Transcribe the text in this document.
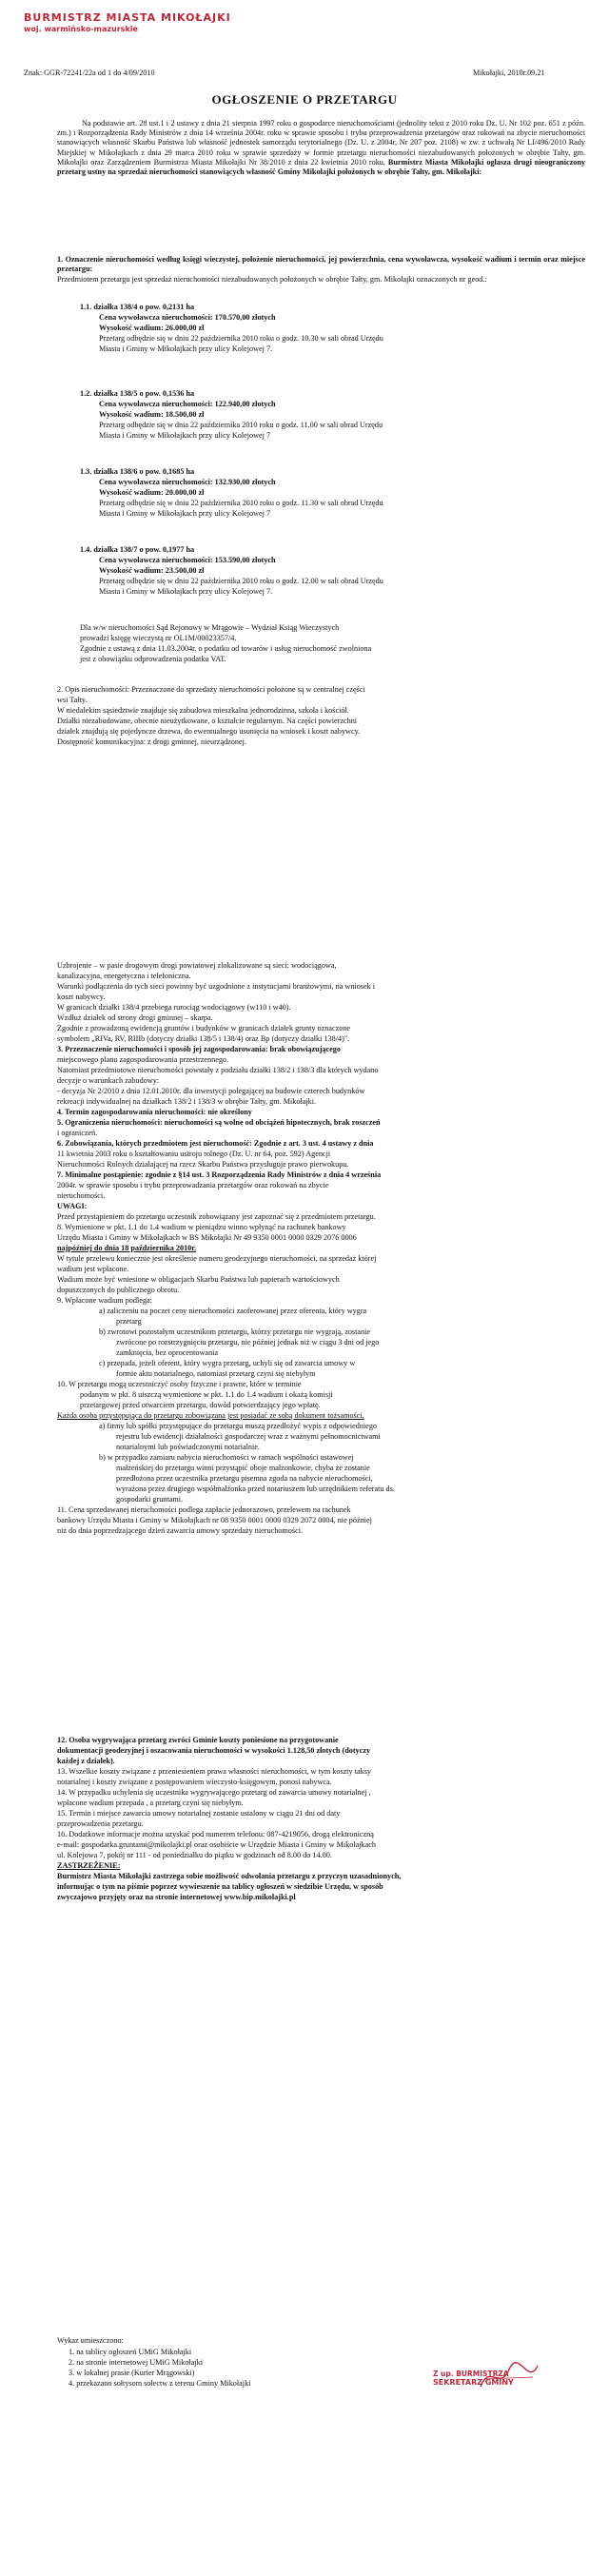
BURMISTRZ MIASTA MIKOŁAJKI
woj. warmińsko-mazurskie
Znak: GGR-72241/22a od 1 do 4/09/2010	Mikołajki, 2010r.09.21
OGŁOSZENIE O PRZETARGU
Na podstawie art. 28 ust.1 i 2 ustawy z dnia 21 sierpnia 1997 roku o gospodarce nieruchomościami (jednolity tekst z 2010 roku Dz. U. Nr 102 poz. 651 z późn. zm.) i Rozporządzenia Rady Ministrów z dnia 14 września 2004r. roku w sprawie sposobu i trybu przeprowadzenia przetargów oraz rokowań na zbycie nieruchomości stanowiących własność Skarbu Państwa lub własność jednostek samorządu terytorialnego (Dz. U. z 2004r, Nr 207 poz. 2108) w zw. z uchwałą Nr LI/496/2010 Rady Miejskiej w Mikołajkach z dnia 29 marca 2010 roku w sprawie sprzedaży w formie przetargu nieruchomości niezabudowanych położonych w obrębie Tałty, gm. Mikołajki oraz Zarządzeniem Burmistrza Miasta Mikołajki Nr 38/2010 z dnia 22 kwietnia 2010 roku, Burmistrz Miasta Mikołajki ogłasza drugi nieograniczony przetarg ustny na sprzedaż nieruchomości stanowiących własność Gminy Mikołajki położonych w obrębie Tałty, gm. Mikołajki:
1. Oznaczenie nieruchomości według księgi wieczystej, położenie nieruchomości, jej powierzchnia, cena wywoławcza, wysokość wadium i termin oraz miejsce przetargu:
Przedmiotem przetargu jest sprzedaż nieruchomości niezabudowanych położonych w obrębie Tałty, gm. Mikołajki oznaczonych nr geod.:
1.1. działka 138/4 o pow. 0,2131 ha
Cena wywoławcza nieruchomości: 170.570,00 złotych
Wysokość wadium: 26.000,00 zł
Przetarg odbędzie się w dniu 22 października 2010 roku o godz. 10.30 w sali obrad Urzędu
Miasta i Gminy w Mikołajkach przy ulicy Kolejowej 7.
1.2. działka 138/5 o pow. 0,1536 ha
Cena wywoławcza nieruchomości: 122.940,00 złotych
Wysokość wadium: 18.500,00 zł
Przetarg odbędzie się w dnia 22 października 2010 roku o godz. 11.00 w sali obrad Urzędu
Miasta i Gminy w Mikołajkach przy ulicy Kolejowej 7
1.3. działka 138/6 o pow. 0,1685 ha
Cena wywoławcza nieruchomości: 132.930,00 złotych
Wysokość wadium: 20.000,00 zł
Przetarg odbędzie się w dniu 22 października 2010 roku o godz. 11.30 w sali obrad Urzędu
Miasta i Gminy w Mikołajkach przy ulicy Kolejowej 7
1.4. działka 138/7 o pow. 0,1977 ha
Cena wywoławcza nieruchomości: 153.590,00 złotych
Wysokość wadium: 23.500,00 zł
Przetarg odbędzie się w dniu 22 października 2010 roku o godz. 12.00 w sali obrad Urzędu
Miasta i Gminy w Mikołajkach przy ulicy Kolejowej 7.
Dla w/w nieruchomości Sąd Rejonowy w Mrągowie – Wydział Ksiąg Wieczystych
prowadzi księgę wieczystą nr OL1M/00023357/4.
Zgodnie z ustawą z dnia 11.03.2004r. o podatku od towarów i usług nieruchomość zwolniona
jest z obowiązku odprowadzenia podatku VAT.
2. Opis nieruchomości: Przeznaczone do sprzedaży nieruchomości położone są w centralnej części
wsi Tałty.
W niedalekim sąsiedztwie znajduje się zabudowa mieszkalna jednorodzinna, szkoła i kościół.
Działki niezabudowane, obecnie nieużytkowane, o kształcie regularnym. Na części powierzchni
działek znajdują się pojedyncze drzewa, do ewentualnego usunięcia na wniosek i koszt nabywcy.
Dostępność komunikacyjna: z drogi gminnej, nieurządzonej.
Uzbrojenie – w pasie drogowym drogi powiatowej zlokalizowane są sieci: wodociągowa,
kanalizacyjna, energetyczna i telefoniczna.
Warunki podłączenia do tych sieci powinny być uzgodnione z instytucjami branżowymi, na wniosek i
koszt nabywcy.
W granicach działki 138/4 przebiega rurociąg wodociągowy (w110 i w40).
Wzdłuż działek od strony drogi gminnej – skarpa.
Zgodnie z prowadzoną ewidencją gruntów i budynków w granicach działek grunty oznaczone
symbolem „RIVa, RV, RIIIb (dotyczy działki 138/5 i 138/4) oraz Bp (dotyczy działki 138/4)".
3. Przeznaczenie nieruchomości i sposób jej zagospodarowania: brak obowiązującego
miejscowego planu zagospodarowania przestrzennego.
Natomiast przedmiotowe nieruchomości powstały z podziału działki 138/2 i 138/3 dla których wydano
decyzje o warunkach zabudowy:
- decyzja Nr 2/2010 z dnia 12.01.2010r. dla inwestycji polegającej na budowie czterech budynków
rekreacji indywidualnej na działkach 138/2 i 138/3 w obrębie Tałty, gm. Mikołajki.
4. Termin zagospodarowania nieruchomości: nie określony
5. Ograniczenia nieruchomości: nieruchomości są wolne od obciążeń hipotecznych, brak roszczeń
i ograniczeń.
6. Zobowiązania, których przedmiotem jest nieruchomość: Zgodnie z art. 3 ust. 4 ustawy z dnia
11 kwietnia 2003 roku o kształtowaniu ustroju rolnego (Dz. U. nr 64, poz. 592) Agencji
Nieruchomości Rolnych działającej na rzecz Skarbu Państwa przysługuje prawo pierwokupu.
7. Minimalne postąpienie: zgodnie z §14 ust. 3 Rozporządzenia Rady Ministrów z dnia 4 września
2004r. w sprawie sposobu i trybu przeprowadzania przetargów oraz rokowań na zbycie
nieruchomości.
UWAGI:
Przed przystąpieniem do przetargu uczestnik zobowiązany jest zapoznać się z przedmiotem przetargu.
8. Wymienione w pkt. 1.1 do 1.4 wadium w pieniądzu winno wpłynąć na rachunek bankowy
Urzędu Miasta i Gminy w Mikołajkach w BS Mikołajki Nr 49 9350 0001 0000 0329 2076 0006
najpóźniej do dnia 18 października 2010r.
W tytule przelewu koniecznie jest określenie numeru geodezyjnego nieruchomości, na sprzedaż której
wadium jest wpłacone.
Wadium może być wniesione w obligacjach Skarbu Państwa lub papierach wartościowych
dopuszczonych do publicznego obrotu.
9. Wpłacone wadium podlega:
a) zaliczeniu na poczet ceny nieruchomości zaoferowanej przez oferenta, który wygra
przetarg
b) zwrotowi pozostałym uczestnikom przetargu, którzy przetargu nie wygrają, zostanie
zwrócone po rozstrzygnięciu przetargu, nie później jednak niż w ciągu 3 dni od jego
zamknięcia, bez oprocentowania
c) przepada, jeżeli oferent, który wygra przetarg, uchyli się od zawarcia umowy w
formie aktu notarialnego, natomiast przetarg czyni się niebyłym
10. W przetargu mogą uczestniczyć osoby fizyczne i prawne, które w terminie
podanym w pkt. 8 uiszczą wymienione w pkt. 1.1 do 1.4 wadium i okażą komisji
przetargowej przed otwarciem przetargu, dowód potwierdzający jego wpłatę.
Każda osoba przystępująca do przetargu zobowiązana jest posiadać ze sobą dokument tożsamości,
a) firmy lub spółki przystępujące do przetargu muszą przedłożyć wypis z odpowiedniego
rejestru lub ewidencji działalności gospodarczej wraz z ważnymi pełnomocnictwami
notarialnymi lub poświadczonymi notarialnie.
b) w przypadku zamiaru nabycia nieruchomości w ramach wspólności ustawowej
małżeńskiej do przetargu winni przystąpić oboje małżonkowie, chyba że zostanie
przedłożona przez uczestnika przetargu pisemna zgoda na nabycie nieruchomości,
wyrażona przez drugiego współmałżonka przed notariuszem lub urzędnikiem referatu ds.
gospodarki gruntami.
11. Cena sprzedawanej nieruchomości podlega zapłacie jednorazowo, przelewem na rachunek
bankowy Urzędu Miasta i Gminy w Mikołajkach nr 08 9350 0001 0000 0329 2072 0004, nie później
niż do dnia poprzedzającego dzień zawarcia umowy sprzedaży nieruchomości.
12. Osoba wygrywająca przetarg zwróci Gminie koszty poniesione na przygotowanie
dokumentacji geodezyjnej i oszacowania nieruchomości w wysokości 1.128,50 złotych (dotyczy
każdej z działek).
13. Wszelkie koszty związane z przeniesieniem prawa własności nieruchomości, w tym koszty taksy
notarialnej i koszty związane z postępowaniem wieczysto-księgowym, ponosi nabywca.
14. W przypadku uchylenia się uczestnika wygrywającego przetarg od zawarcia umowy notarialnej ,
wpłacone wadium przepada , a przetarg czyni się niebyłym.
15. Termin i miejsce zawarcia umowy notarialnej zostanie ustalony w ciągu 21 dni od daty
przeprowadzenia przetargu.
16. Dodatkowe informacje można uzyskać pod numerem telefonu: 087-4219056, drogą elektroniczną
e-mail: gospodarka.gruntami@mikolajki.pl oraz osobiście w Urzędzie Miasta i Gminy w Mikołajkach
ul. Kolejowa 7, pokój nr 111 - od poniedziałku do piątku w godzinach od 8.00 do 14.00.
ZASTRZEŻENIE:
Burmistrz Miasta Mikołajki zastrzega sobie możliwość odwołania przetargu z przyczyn uzasadnionych,
informując o tym na piśmie poprzez wywieszenie na tablicy ogłoszeń w siedzibie Urzędu, w sposób
zwyczajowo przyjęty oraz na stronie internetowej www.bip.mikolajki.pl
Wykaz umieszczono:
1. na tablicy ogłoszeń UMiG Mikołajki
2. na stronie internetowej UMiG Mikołajki
3. w lokalnej prasie (Kurier Mrągowski)
4. przekazano sołtysom sołectw z terenu Gminy Mikołajki
Z up. BURMISTRZA
SEKRETARZ GMINY
